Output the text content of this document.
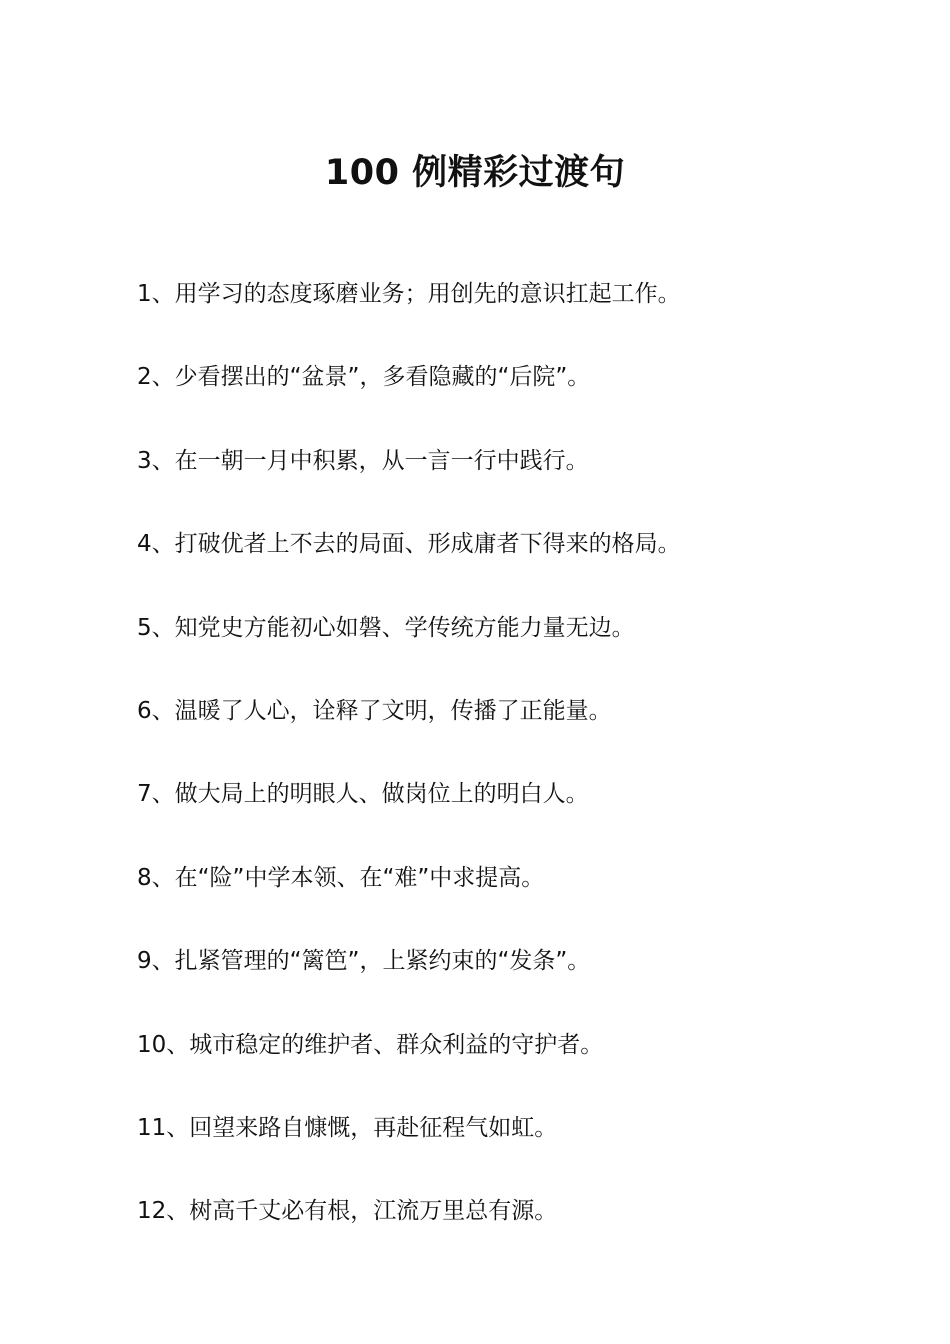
100 例精彩过渡句
1、用学习的态度琢磨业务；用创先的意识扛起工作。
2、少看摆出的“盆景”，多看隐藏的“后院”。
3、在一朝一月中积累，从一言一行中践行。
4、打破优者上不去的局面、形成庸者下得来的格局。
5、知党史方能初心如磐、学传统方能力量无边。
6、温暖了人心，诠释了文明，传播了正能量。
7、做大局上的明眼人、做岗位上的明白人。
8、在“险”中学本领、在“难”中求提高。
9、扎紧管理的“篱笆”，上紧约束的“发条”。
10、城市稳定的维护者、群众利益的守护者。
11、回望来路自慷慨，再赴征程气如虹。
12、树高千丈必有根，江流万里总有源。
